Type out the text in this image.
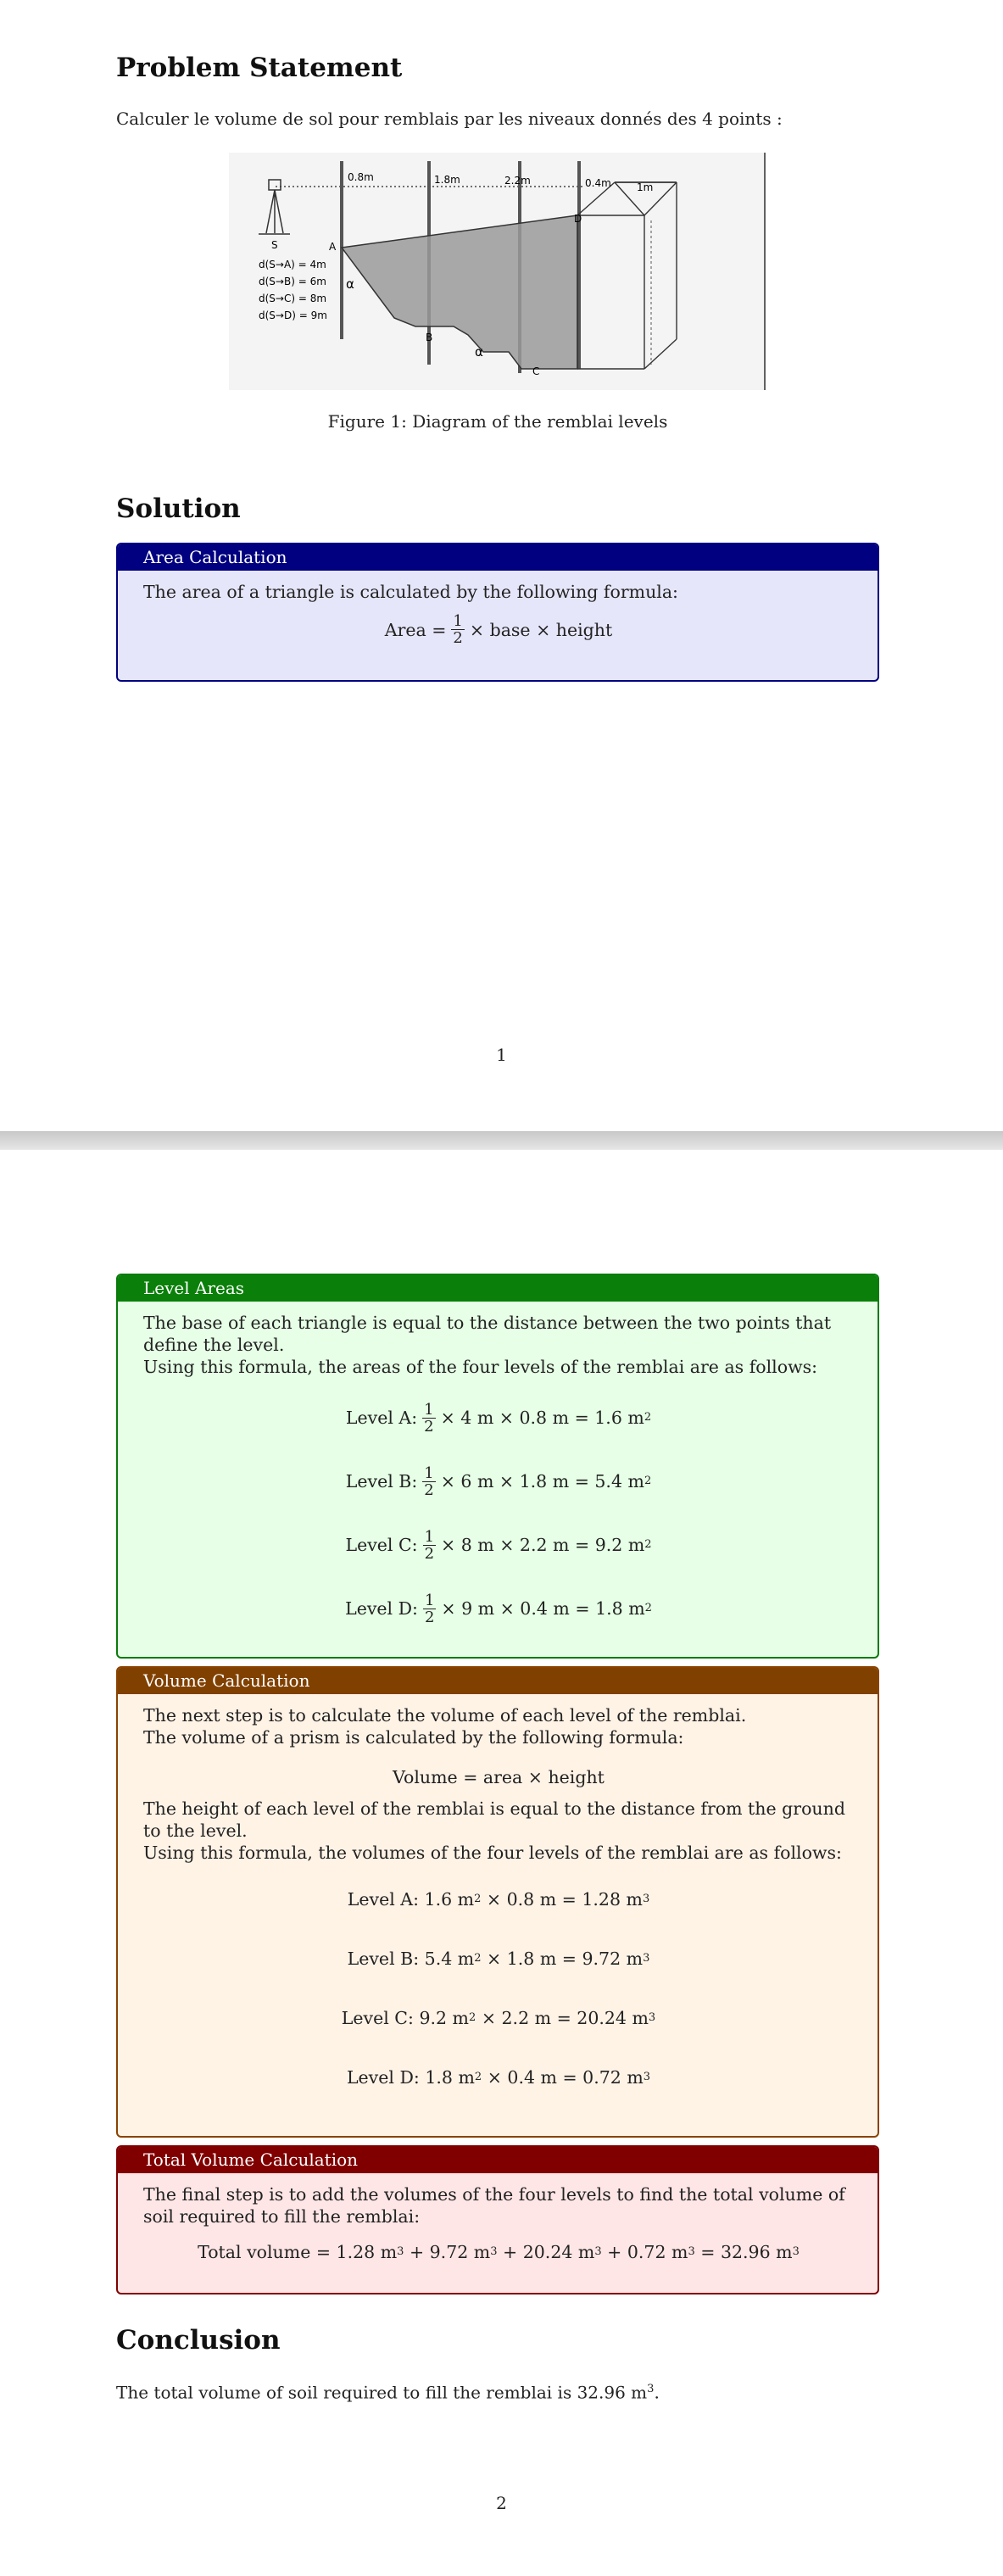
Problem Statement

Calculer le volume de sol pour remblais par les niveaux donnés des 4 points :

0.8m	1.8m	2.2m	0.4m	1m
S	A
B
C
D
α
α
d(S→A) = 4m
d(S→B) = 6m
d(S→C) = 8m
d(S→D) = 9m

Figure 1: Diagram of the remblai levels

Solution
Area Calculation
The area of a triangle is calculated by the following formula:
Area = $\frac{1}{2}$ × base × height
1
Level Areas
The base of each triangle is equal to the distance between the two points that define the level.
Using this formula, the areas of the four levels of the remblai are as follows:
Level A: $\frac{1}{2} \times 4$ m × 0.8 m = 1.6 m 2
Level B: $\frac{1}{2} \times 6$ m × 1.8 m = 5.4 m 2
Level C: $\frac{1}{2} \times 8$ m × 2.2 m = 9.2 m 2
Level D: $\frac{1}{2} \times 9$ m × 0.4 m = 1.8 m 2
Volume Calculation
The next step is to calculate the volume of each level of the remblai.
The volume of a prism is calculated by the following formula:
Volume = area × height
The height of each level of the remblai is equal to the distance from the ground to the level.
Using this formula, the volumes of the four levels of the remblai are as follows:
Level A:
1.6 m 2
× 0.8 m = 1.28 m 3
Level B:
5.4 m 2
× 1.8 m = 9.72 m 3
Level C:
9.2 m 2
× 2.2 m = 20.24 m 3
Level D:
1.8 m 2
× 0.4 m = 0.72 m 3
Total Volume Calculation
The final step is to add the volumes of the four levels to find the total volume of soil required to fill the remblai:
Total volume = 1.28 m 3 + 9.72 m 3 + 20.24 m 3 + 0.72 m 3 = 32.96 m 3
Conclusion

The total volume of soil required to fill the remblai is 32.96 $m^3$.

2
